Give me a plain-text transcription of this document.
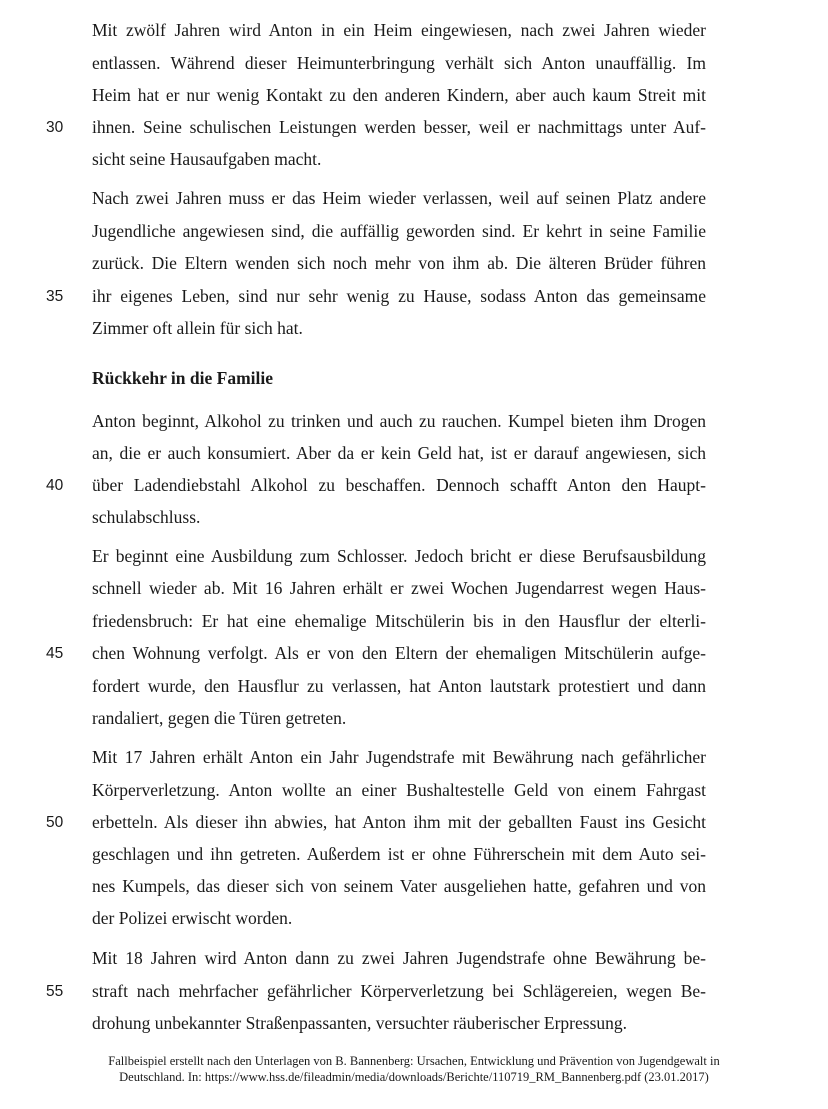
Mit zwölf Jahren wird Anton in ein Heim eingewiesen, nach zwei Jahren wieder
entlassen. Während dieser Heimunterbringung verhält sich Anton unauffällig. Im
Heim hat er nur wenig Kontakt zu den anderen Kindern, aber auch kaum Streit mit
ihnen. Seine schulischen Leistungen werden besser, weil er nachmittags unter Auf-
sicht seine Hausaufgaben macht.
Nach zwei Jahren muss er das Heim wieder verlassen, weil auf seinen Platz andere
Jugendliche angewiesen sind, die auffällig geworden sind. Er kehrt in seine Familie
zurück. Die Eltern wenden sich noch mehr von ihm ab. Die älteren Brüder führen
ihr eigenes Leben, sind nur sehr wenig zu Hause, sodass Anton das gemeinsame
Zimmer oft allein für sich hat.
Rückkehr in die Familie
Anton beginnt, Alkohol zu trinken und auch zu rauchen. Kumpel bieten ihm Drogen
an, die er auch konsumiert. Aber da er kein Geld hat, ist er darauf angewiesen, sich
über Ladendiebstahl Alkohol zu beschaffen. Dennoch schafft Anton den Haupt-
schulabschluss.
Er beginnt eine Ausbildung zum Schlosser. Jedoch bricht er diese Berufsausbildung
schnell wieder ab. Mit 16 Jahren erhält er zwei Wochen Jugendarrest wegen Haus-
friedensbruch: Er hat eine ehemalige Mitschülerin bis in den Hausflur der elterli-
chen Wohnung verfolgt. Als er von den Eltern der ehemaligen Mitschülerin aufge-
fordert wurde, den Hausflur zu verlassen, hat Anton lautstark protestiert und dann
randaliert, gegen die Türen getreten.
Mit 17 Jahren erhält Anton ein Jahr Jugendstrafe mit Bewährung nach gefährlicher
Körperverletzung. Anton wollte an einer Bushaltestelle Geld von einem Fahrgast
erbetteln. Als dieser ihn abwies, hat Anton ihm mit der geballten Faust ins Gesicht
geschlagen und ihn getreten. Außerdem ist er ohne Führerschein mit dem Auto sei-
nes Kumpels, das dieser sich von seinem Vater ausgeliehen hatte, gefahren und von
der Polizei erwischt worden.
Mit 18 Jahren wird Anton dann zu zwei Jahren Jugendstrafe ohne Bewährung be-
straft nach mehrfacher gefährlicher Körperverletzung bei Schlägereien, wegen Be-
drohung unbekannter Straßenpassanten, versuchter räuberischer Erpressung.
30
35
40
45
50
55
Fallbeispiel erstellt nach den Unterlagen von B. Bannenberg: Ursachen, Entwicklung und Prävention von Jugendgewalt in
Deutschland. In: https://www.hss.de/fileadmin/media/downloads/Berichte/110719_RM_Bannenberg.pdf (23.01.2017)
